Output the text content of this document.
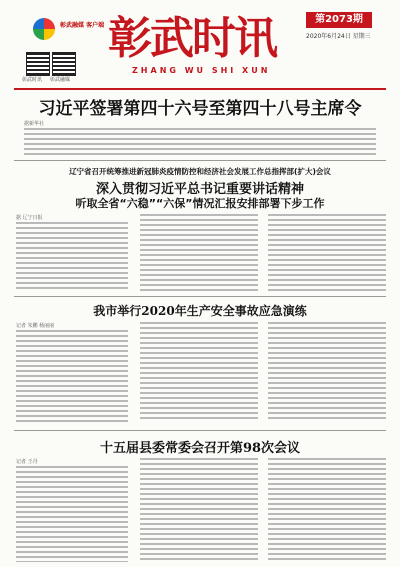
彰武融媒 客户端
彰武时讯 彰武融媒
彰武时讯
ZHANG WU SHI XUN
第2073期
2020年6月24日 星期三
习近平签署第四十六号至第四十八号主席令
据新华社
辽宁省召开统筹推进新冠肺炎疫情防控和经济社会发展工作总指挥部(扩大)会议
深入贯彻习近平总书记重要讲话精神
听取全省“六稳”“六保”情况汇报安排部署下步工作
据 辽宁日报
我市举行2020年生产安全事故应急演练
记者 朱鹏 杨丽丽
十五届县委常委会召开第98次会议
记者 王丹
